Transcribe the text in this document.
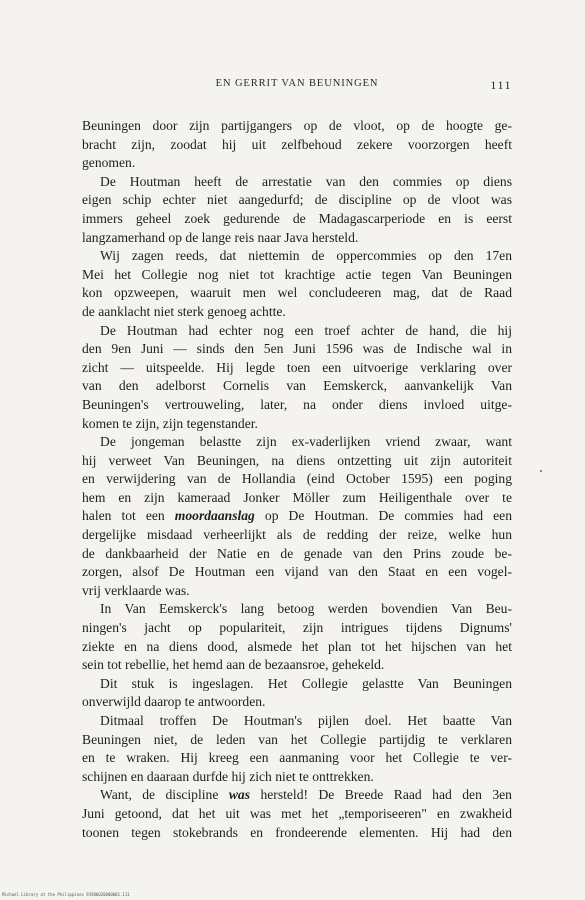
EN GERRIT VAN BEUNINGEN	111
Beuningen door zijn partijgangers op de vloot, op de hoogte ge-
bracht zijn, zoodat hij uit zelfbehoud zekere voorzorgen heeft
genomen.
De Houtman heeft de arrestatie van den commies op diens
eigen schip echter niet aangedurfd; de discipline op de vloot was
immers geheel zoek gedurende de Madagascarperiode en is eerst
langzamerhand op de lange reis naar Java hersteld.
Wij zagen reeds, dat niettemin de oppercommies op den 17en
Mei het Collegie nog niet tot krachtige actie tegen Van Beuningen
kon opzweepen, waaruit men wel concludeeren mag, dat de Raad
de aanklacht niet sterk genoeg achtte.
De Houtman had echter nog een troef achter de hand, die hij
den 9en Juni — sinds den 5en Juni 1596 was de Indische wal in
zicht — uitspeelde. Hij legde toen een uitvoerige verklaring over
van den adelborst Cornelis van Eemskerck, aanvankelijk Van
Beuningen's vertrouweling, later, na onder diens invloed uitge-
komen te zijn, zijn tegenstander.
De jongeman belastte zijn ex-vaderlijken vriend zwaar, want
hij verweet Van Beuningen, na diens ontzetting uit zijn autoriteit
en verwijdering van de Hollandia (eind October 1595) een poging
hem en zijn kameraad Jonker Möller zum Heiligenthale over te
halen tot een moordaanslag op De Houtman. De commies had een
dergelijke misdaad verheerlijkt als de redding der reize, welke hun
de dankbaarheid der Natie en de genade van den Prins zoude be-
zorgen, alsof De Houtman een vijand van den Staat en een vogel-
vrij verklaarde was.
In Van Eemskerck's lang betoog werden bovendien Van Beu-
ningen's jacht op populariteit, zijn intrigues tijdens Dignums'
ziekte en na diens dood, alsmede het plan tot het hijschen van het
sein tot rebellie, het hemd aan de bezaansroe, gehekeld.
Dit stuk is ingeslagen. Het Collegie gelastte Van Beuningen
onverwijld daarop te antwoorden.
Ditmaal troffen De Houtman's pijlen doel. Het baatte Van
Beuningen niet, de leden van het Collegie partijdig te verklaren
en te wraken. Hij kreeg een aanmaning voor het Collegie te ver-
schijnen en daaraan durfde hij zich niet te onttrekken.
Want, de discipline was hersteld! De Breede Raad had den 3en
Juni getoond, dat het uit was met het „temporiseeren" en zwakheid
toonen tegen stokebrands en frondeerende elementen. Hij had den
Michael Library at the Philippines 91980020000001.111
